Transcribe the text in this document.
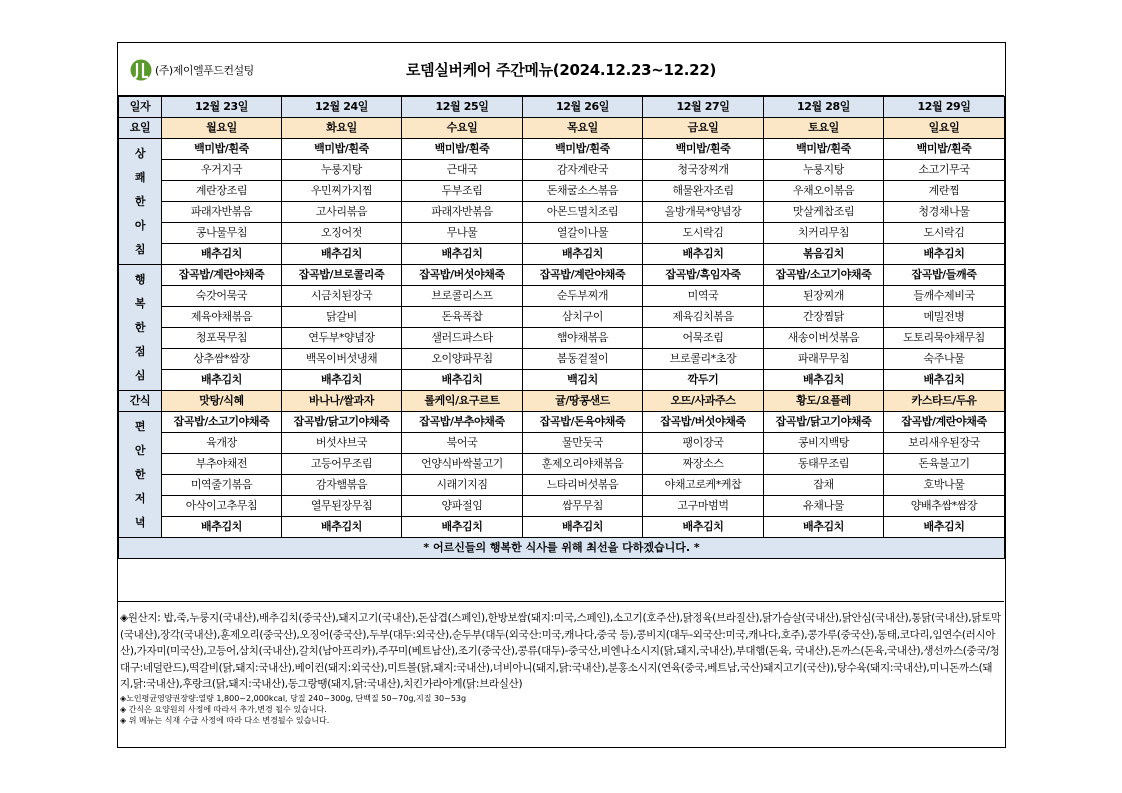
(주)제이엘푸드컨설팅	로뎀실버케어 주간메뉴(2024.12.23~12.22)
일자	12월 23일	12월 24일	12월 25일	12월 26일	12월 27일	12월 28일	12월 29일
요일	월요일	화요일	수요일	목요일	금요일	토요일	일요일

상
쾌
한
아
침	백미밥/흰죽	백미밥/흰죽	백미밥/흰죽	백미밥/흰죽	백미밥/흰죽	백미밥/흰죽	백미밥/흰죽
	우거지국	누룽지탕	근대국	감자계란국	청국장찌개	누룽지탕	소고기무국
	계란장조림	우민찌가지찜	두부조림	돈채굴소스볶음	해물완자조림	우채오이볶음	계란찜
	파래자반볶음	고사리볶음	파래자반볶음	아몬드멸치조림	올방개묵*양념장	맛살케찹조림	청경채나물
	콩나물무침	오징어젓	무나물	열갈이나물	도시락김	치커리무침	도시락김
	배추김치	배추김치	배추김치	배추김치	배추김치	볶음김치	배추김치

행
복
한
점
심	잡곡밥/계란야채죽	잡곡밥/브로콜리죽	잡곡밥/버섯야채죽	잡곡밥/계란야채죽	잡곡밥/흑임자죽	잡곡밥/소고기야채죽	잡곡밥/들깨죽
	숙갓어묵국	시금치된장국	브로콜리스프	순두부찌개	미역국	된장찌개	들깨수제비국
	제육야채볶음	닭갈비	돈육폭찹	삼치구이	제육김치볶음	간장찜닭	메밀전병
	청포묵무침	연두부*양념장	샐러드파스타	햄야채볶음	어묵조림	새송이버섯볶음	도토리묵야채무침
	상추쌈*쌈장	백목이버섯냉채	오이양파무침	봄동겉절이	브로콜리*초장	파래무무침	숙주나물
	배추김치	배추김치	배추김치	백김치	깍두기	배추김치	배추김치
간식	맛탕/식혜	바나나/쌀과자	롤케익/요구르트	귤/땅콩샌드	오뜨/사과주스	황도/요플레	카스타드/두유

편
안
한
저
녁	잡곡밥/소고기야채죽	잡곡밥/닭고기야채죽	잡곡밥/부추야채죽	잡곡밥/돈육야채죽	잡곡밥/버섯야채죽	잡곡밥/닭고기야채죽	잡곡밥/계란야채죽
	육개장	버섯샤브국	북어국	물만둣국	팽이장국	콩비지백탕	보리새우된장국
	부추야채전	고등어무조림	언양식바싹불고기	훈제오리야채볶음	짜장소스	동태무조림	돈육불고기
	미역줄기볶음	감자햄볶음	시래기지짐	느타리버섯볶음	야채고로케*케찹	잡채	호박나물
	아삭이고추무침	열무된장무침	양파절임	쌈무무침	고구마범벅	유채나물	양배추쌈*쌈장
	배추김치	배추김치	배추김치	배추김치	배추김치	배추김치	배추김치
* 어르신들의 행복한 식사를 위해 최선을 다하겠습니다. *							
◈원산지: 밥,죽,누룽지(국내산),배추김치(중국산),돼지고기(국내산),돈삼겹(스페인),한방보쌈(돼지:미국,스페인),소고기(호주산),닭정육(브라질산),닭가슴살(국내산),닭안심(국내산),통닭(국내산),닭토막(국내산),장각(국내산),훈제오리(중국산),오징어(중국산),두부(대두:외국산),순두부(대두(외국산:미국,캐나다,중국 등),콩비지(대두-외국산:미국,캐나다,호주),콩가루(중국산),동태,코다리,임연수(러시아산),가자미(미국산),고등어,삼치(국내산),갈치(남아프리카),주꾸미(베트남산),조기(중국산),콩류(대두)-중국산,비엔나소시지(닭,돼지,국내산),부대햄(돈육, 국내산),돈까스(돈육,국내산),생선까스(중국/청대구:네덜란드),떡갈비(닭,돼지:국내산),베이컨(돼지:외국산),미트볼(닭,돼지:국내산),너비아니(돼지,닭:국내산),분홍소시지(연육(중국,베트남,국산)돼지고기(국산)),탕수육(돼지:국내산),미니돈까스(돼지,닭:국내산),후랑크(닭,돼지:국내산),동그랑땡(돼지,닭:국내산),치킨가라아게(닭:브라실산)
◈노인평균영양권장량:열량 1,800~2,000kcal, 당질 240~300g, 단백질 50~70g,지질 30~53g
◈ 간식은 요양원의 사정에 따라서 추가,변경 될수 있습니다.
◈ 위 메뉴는 식재 수급 사정에 따라 다소 변경될수 있습니다.
